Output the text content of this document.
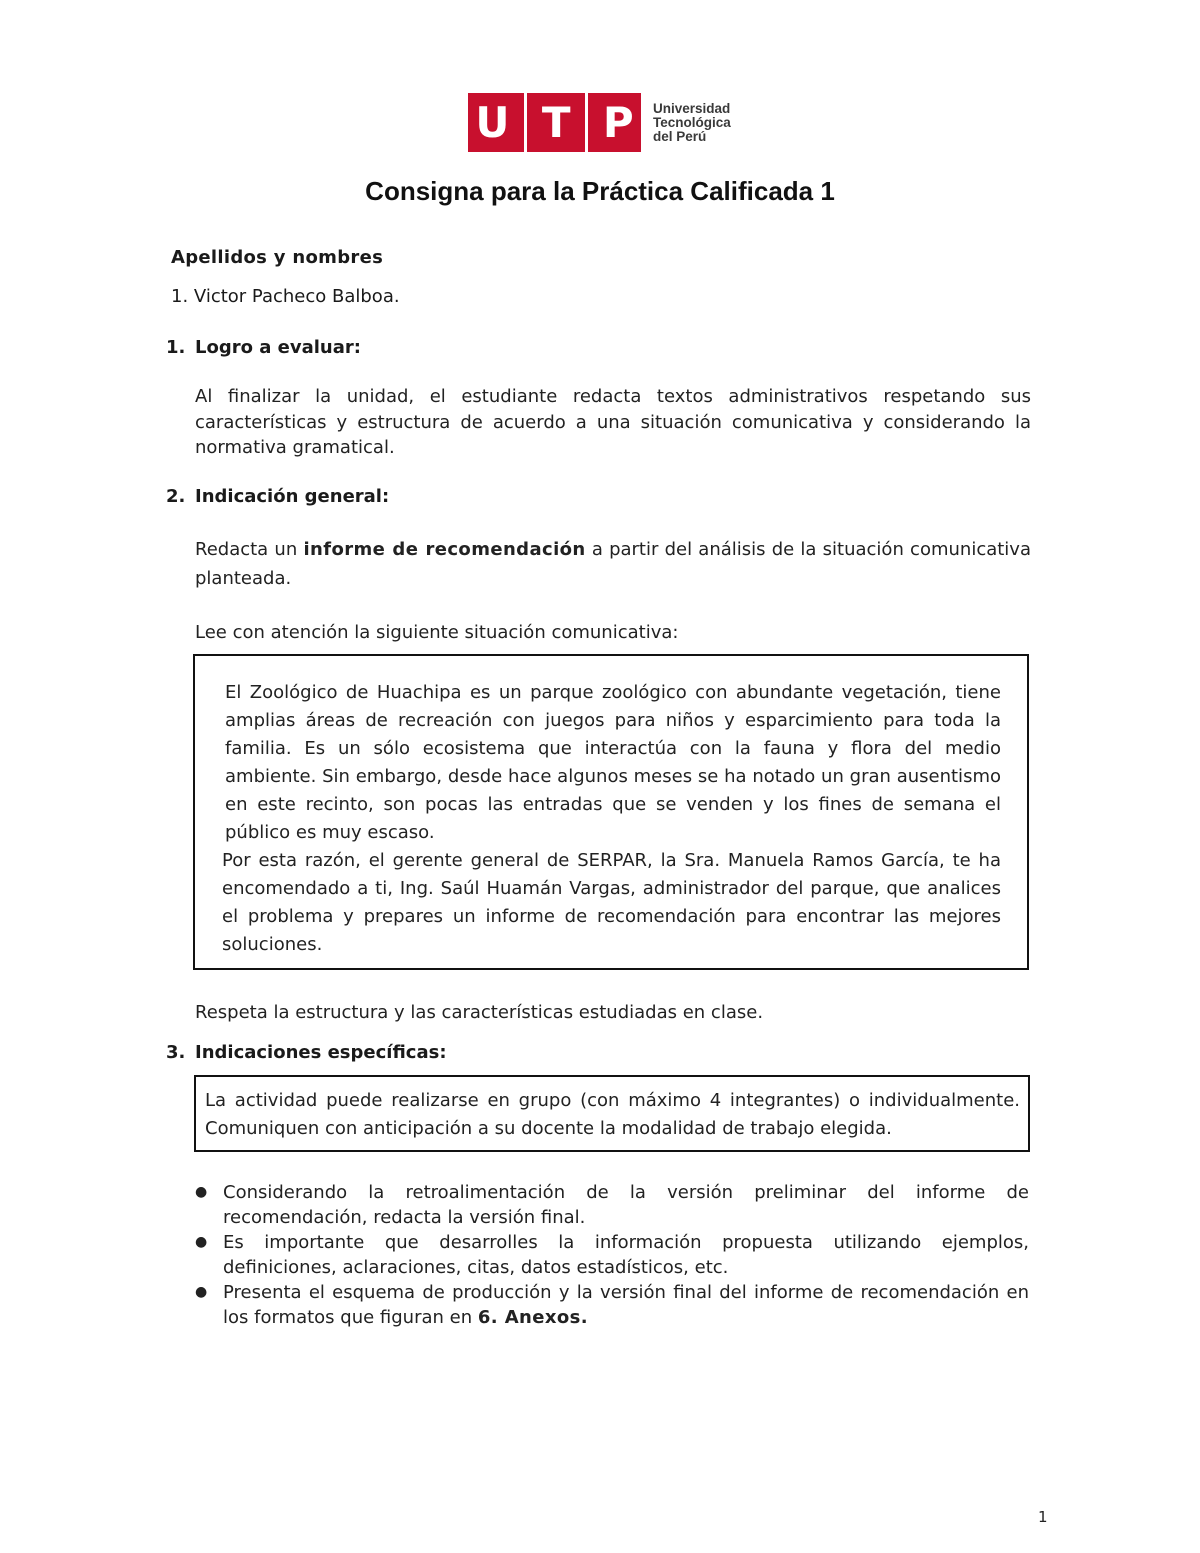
U T P Universidad
Tecnológica
del Perú
Consigna para la Práctica Calificada 1
Apellidos y nombres
1. Victor Pacheco Balboa.
1. Logro a evaluar:
Al finalizar la unidad, el estudiante redacta textos administrativos respetando sus características y estructura de acuerdo a una situación comunicativa y considerando la normativa gramatical.
2. Indicación general:
Redacta un informe de recomendación a partir del análisis de la situación comunicativa planteada.
Lee con atención la siguiente situación comunicativa:

El Zoológico de Huachipa es un parque zoológico con abundante vegetación, tiene amplias áreas de recreación con juegos para niños y esparcimiento para toda la familia. Es un sólo ecosistema que interactúa con la fauna y flora del medio ambiente. Sin embargo, desde hace algunos meses se ha notado un gran ausentismo en este recinto, son pocas las entradas que se venden y los fines de semana el público es muy escaso.

Por esta razón, el gerente general de SERPAR, la Sra. Manuela Ramos García, te ha encomendado a ti, Ing. Saúl Huamán Vargas, administrador del parque, que analices el problema y prepares un informe de recomendación para encontrar las mejores soluciones.

Respeta la estructura y las características estudiadas en clase.
3. Indicaciones específicas:
La actividad puede realizarse en grupo (con máximo 4 integrantes) o individualmente. Comuniquen con anticipación a su docente la modalidad de trabajo elegida.
● Considerando la retroalimentación de la versión preliminar del informe de recomendación, redacta la versión final.
● Es importante que desarrolles la información propuesta utilizando ejemplos, definiciones, aclaraciones, citas, datos estadísticos, etc.
● Presenta el esquema de producción y la versión final del informe de recomendación en los formatos que figuran en 6. Anexos.
1
